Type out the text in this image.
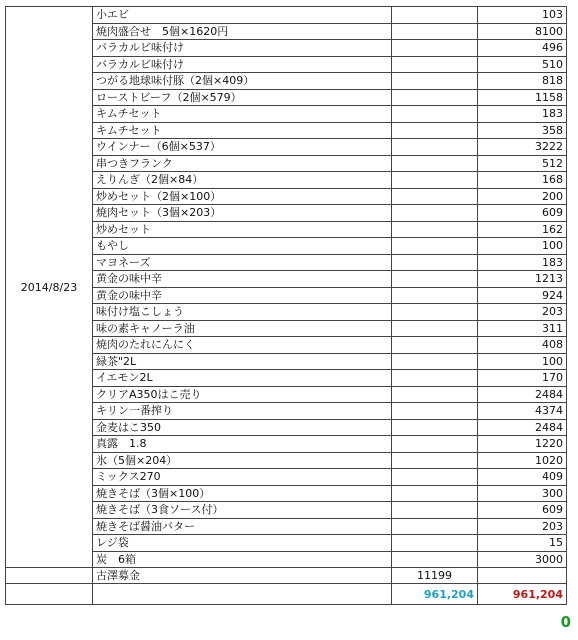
2014/8/23	小エビ		103
	焼肉盛合せ　5個×1620円		8100
	バラカルビ味付け		496
	バラカルビ味付け		510
	つがる地球味付豚（2個×409）		818
	ローストビーフ（2個×579）		1158
	キムチセット		183
	キムチセット		358
	ウインナー（6個×537）		3222
	串つきフランク		512
	えりんぎ（2個×84）		168
	炒めセット（2個×100）		200
	焼肉セット（3個×203）		609
	炒めセット		162
	もやし		100
	マヨネーズ		183
	黄金の味中辛		1213
	黄金の味中辛		924
	味付け塩こしょう		203
	味の素キャノーラ油		311
	焼肉のたれにんにく		408
	緑茶"2L		100
	イエモン2L		170
	クリアA350はこ売り		2484
	キリン一番搾り		4374
	金麦はこ350		2484
	真露　1.8		1220
	氷（5個×204）		1020
	ミックス270		409
	焼きそば（3個×100）		300
	焼きそば（3食ソース付）		609
	焼きそば醤油バター		203
	レジ袋		15
	炭　6箱		3000
	古澤募金	11199	
		961,204	961,204
0
